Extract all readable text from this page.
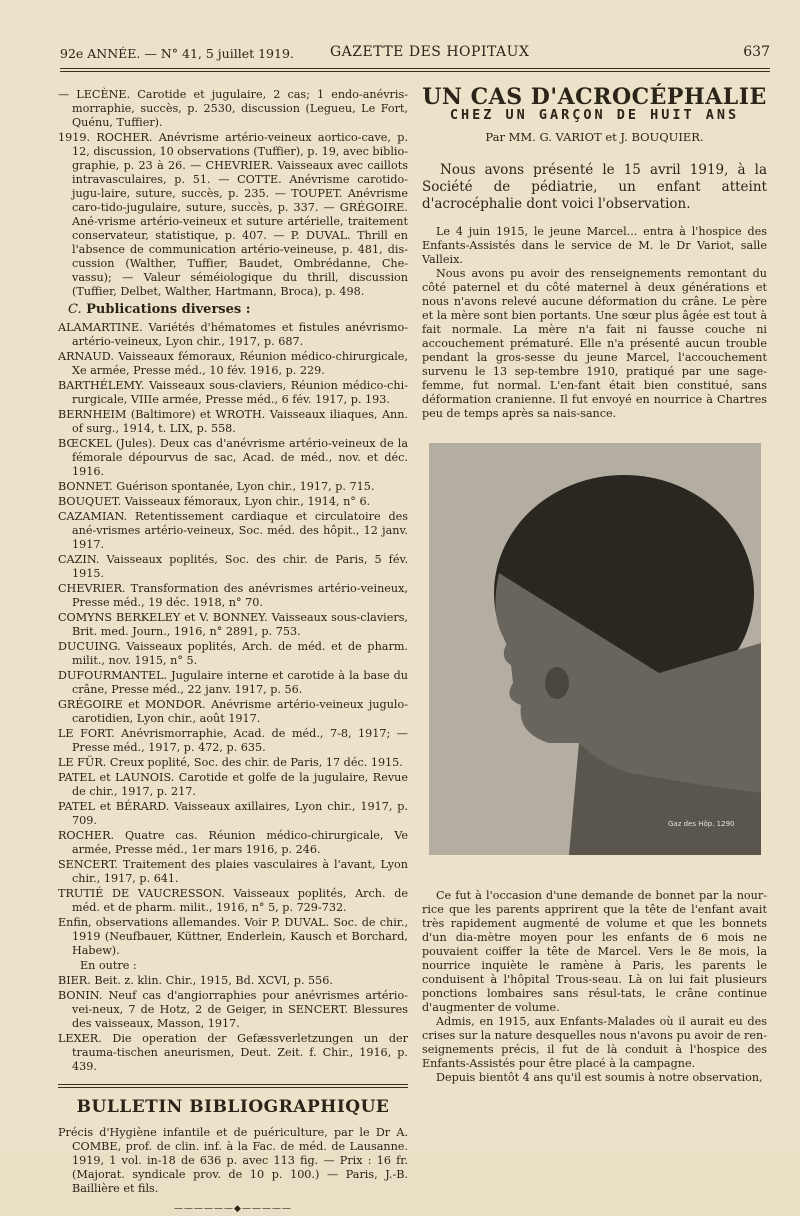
92e ANNÉE. — N° 41, 5 juillet 1919.	GAZETTE DES HOPITAUX	637

— LECÈNE. Carotide et jugulaire, 2 cas; 1 endo-anévris-morraphie, succès, p. 2530, discussion (Legueu, Le Fort, Quénu, Tuffier).

1919. ROCHER. Anévrisme artério-veineux aortico-cave, p. 12, discussion, 10 observations (Tuffier), p. 19, avec biblio-graphie, p. 23 à 26. — CHEVRIER. Vaisseaux avec caillots intravasculaires, p. 51. — COTTE. Anévrisme carotido-jugu-laire, suture, succès, p. 235. — TOUPET. Anévrisme caro-tido-jugulaire, suture, succès, p. 337. — GRÉGOIRE. Ané-vrisme artério-veineux et suture artérielle, traitement conservateur, statistique, p. 407. — P. DUVAL. Thrill en l'absence de communication artério-veineuse, p. 481, dis-cussion (Walther, Tuffier, Baudet, Ombrédanne, Che-vassu); — Valeur séméiologique du thrill, discussion (Tuffier, Delbet, Walther, Hartmann, Broca), p. 498.

C. Publications diverses :

ALAMARTINE. Variétés d'hématomes et fistules anévrismo-artério-veineux, Lyon chir., 1917, p. 687.

ARNAUD. Vaisseaux fémoraux, Réunion médico-chirurgicale, Xe armée, Presse méd., 10 fév. 1916, p. 229.

BARTHÉLEMY. Vaisseaux sous-claviers, Réunion médico-chi-rurgicale, VIIIe armée, Presse méd., 6 fév. 1917, p. 193.

BERNHEIM (Baltimore) et WROTH. Vaisseaux iliaques, Ann. of surg., 1914, t. LIX, p. 558.

BŒCKEL (Jules). Deux cas d'anévrisme artério-veineux de la fémorale dépourvus de sac, Acad. de méd., nov. et déc. 1916.

BONNET. Guérison spontanée, Lyon chir., 1917, p. 715.

BOUQUET. Vaisseaux fémoraux, Lyon chir., 1914, n° 6.

CAZAMIAN. Retentissement cardiaque et circulatoire des ané-vrismes artério-veineux, Soc. méd. des hôpit., 12 janv. 1917.

CAZIN. Vaisseaux poplités, Soc. des chir. de Paris, 5 fév. 1915.

CHEVRIER. Transformation des anévrismes artério-veineux, Presse méd., 19 déc. 1918, n° 70.

COMYNS BERKELEY et V. BONNEY. Vaisseaux sous-claviers, Brit. med. Journ., 1916, n° 2891, p. 753.

DUCUING. Vaisseaux poplités, Arch. de méd. et de pharm. milit., nov. 1915, n° 5.

DUFOURMANTEL. Jugulaire interne et carotide à la base du crâne, Presse méd., 22 janv. 1917, p. 56.

GRÉGOIRE et MONDOR. Anévrisme artério-veineux jugulo-carotidien, Lyon chir., août 1917.

LE FORT. Anévrismorraphie, Acad. de méd., 7-8, 1917; — Presse méd., 1917, p. 472, p. 635.

LE FÜR. Creux poplité, Soc. des chir. de Paris, 17 déc. 1915.

PATEL et LAUNOIS. Carotide et golfe de la jugulaire, Revue de chir., 1917, p. 217.

PATEL et BÉRARD. Vaisseaux axillaires, Lyon chir., 1917, p. 709.

ROCHER. Quatre cas. Réunion médico-chirurgicale, Ve armée, Presse méd., 1er mars 1916, p. 246.

SENCERT. Traitement des plaies vasculaires à l'avant, Lyon chir., 1917, p. 641.

TRUTIÉ DE VAUCRESSON. Vaisseaux poplités, Arch. de méd. et de pharm. milit., 1916, n° 5, p. 729-732.

Enfin, observations allemandes. Voir P. DUVAL. Soc. de chir., 1919 (Neufbauer, Küttner, Enderlein, Kausch et Borchard, Habew).

En outre :

BIER. Beit. z. klin. Chir., 1915, Bd. XCVI, p. 556.

BONIN. Neuf cas d'angiorraphies pour anévrismes artério-vei-neux, 7 de Hotz, 2 de Geiger, in SENCERT. Blessures des vaisseaux, Masson, 1917.

LEXER. Die operation der Gefæssverletzungen un der trauma-tischen aneurismen, Deut. Zeit. f. Chir., 1916, p. 439.

BULLETIN BIBLIOGRAPHIQUE

Précis d'Hygiène infantile et de puériculture, par le Dr A. COMBE, prof. de clin. inf. à la Fac. de méd. de Lausanne. 1919, 1 vol. in-18 de 636 p. avec 113 fig. — Prix : 16 fr. (Majorat. syndicale prov. de 10 p. 100.) — Paris, J.-B. Baillière et fils.

——————◆—————
UN CAS D'ACROCÉPHALIE
CHEZ UN GARÇON DE HUIT ANS
Par MM. G. VARIOT et J. BOUQUIER.

Nous avons présenté le 15 avril 1919, à la Société de pédiatrie, un enfant atteint d'acrocéphalie dont voici l'observation.

Le 4 juin 1915, le jeune Marcel... entra à l'hospice des Enfants-Assistés dans le service de M. le Dr Variot, salle Valleix.

Nous avons pu avoir des renseignements remontant du côté paternel et du côté maternel à deux générations et nous n'avons relevé aucune déformation du crâne. Le père et la mère sont bien portants. Une sœur plus âgée est tout à fait normale. La mère n'a fait ni fausse couche ni accouchement prématuré. Elle n'a présenté aucun trouble pendant la gros-sesse du jeune Marcel, l'accouchement survenu le 13 sep-tembre 1910, pratiqué par une sage-femme, fut normal. L'en-fant était bien constitué, sans déformation cranienne. Il fut envoyé en nourrice à Chartres peu de temps après sa nais-sance.

Gaz des Hôp. 1290

Ce fut à l'occasion d'une demande de bonnet par la nour-rice que les parents apprirent que la tête de l'enfant avait très rapidement augmenté de volume et que les bonnets d'un dia-mètre moyen pour les enfants de 6 mois ne pouvaient coiffer la tête de Marcel. Vers le 8e mois, la nourrice inquiète le ramène à Paris, les parents le conduisent à l'hôpital Trous-seau. Là on lui fait plusieurs ponctions lombaires sans résul-tats, le crâne continue d'augmenter de volume.

Admis, en 1915, aux Enfants-Malades où il aurait eu des crises sur la nature desquelles nous n'avons pu avoir de ren-seignements précis, il fut de là conduit à l'hospice des Enfants-Assistés pour être placé à la campagne.

Depuis bientôt 4 ans qu'il est soumis à notre observation,
